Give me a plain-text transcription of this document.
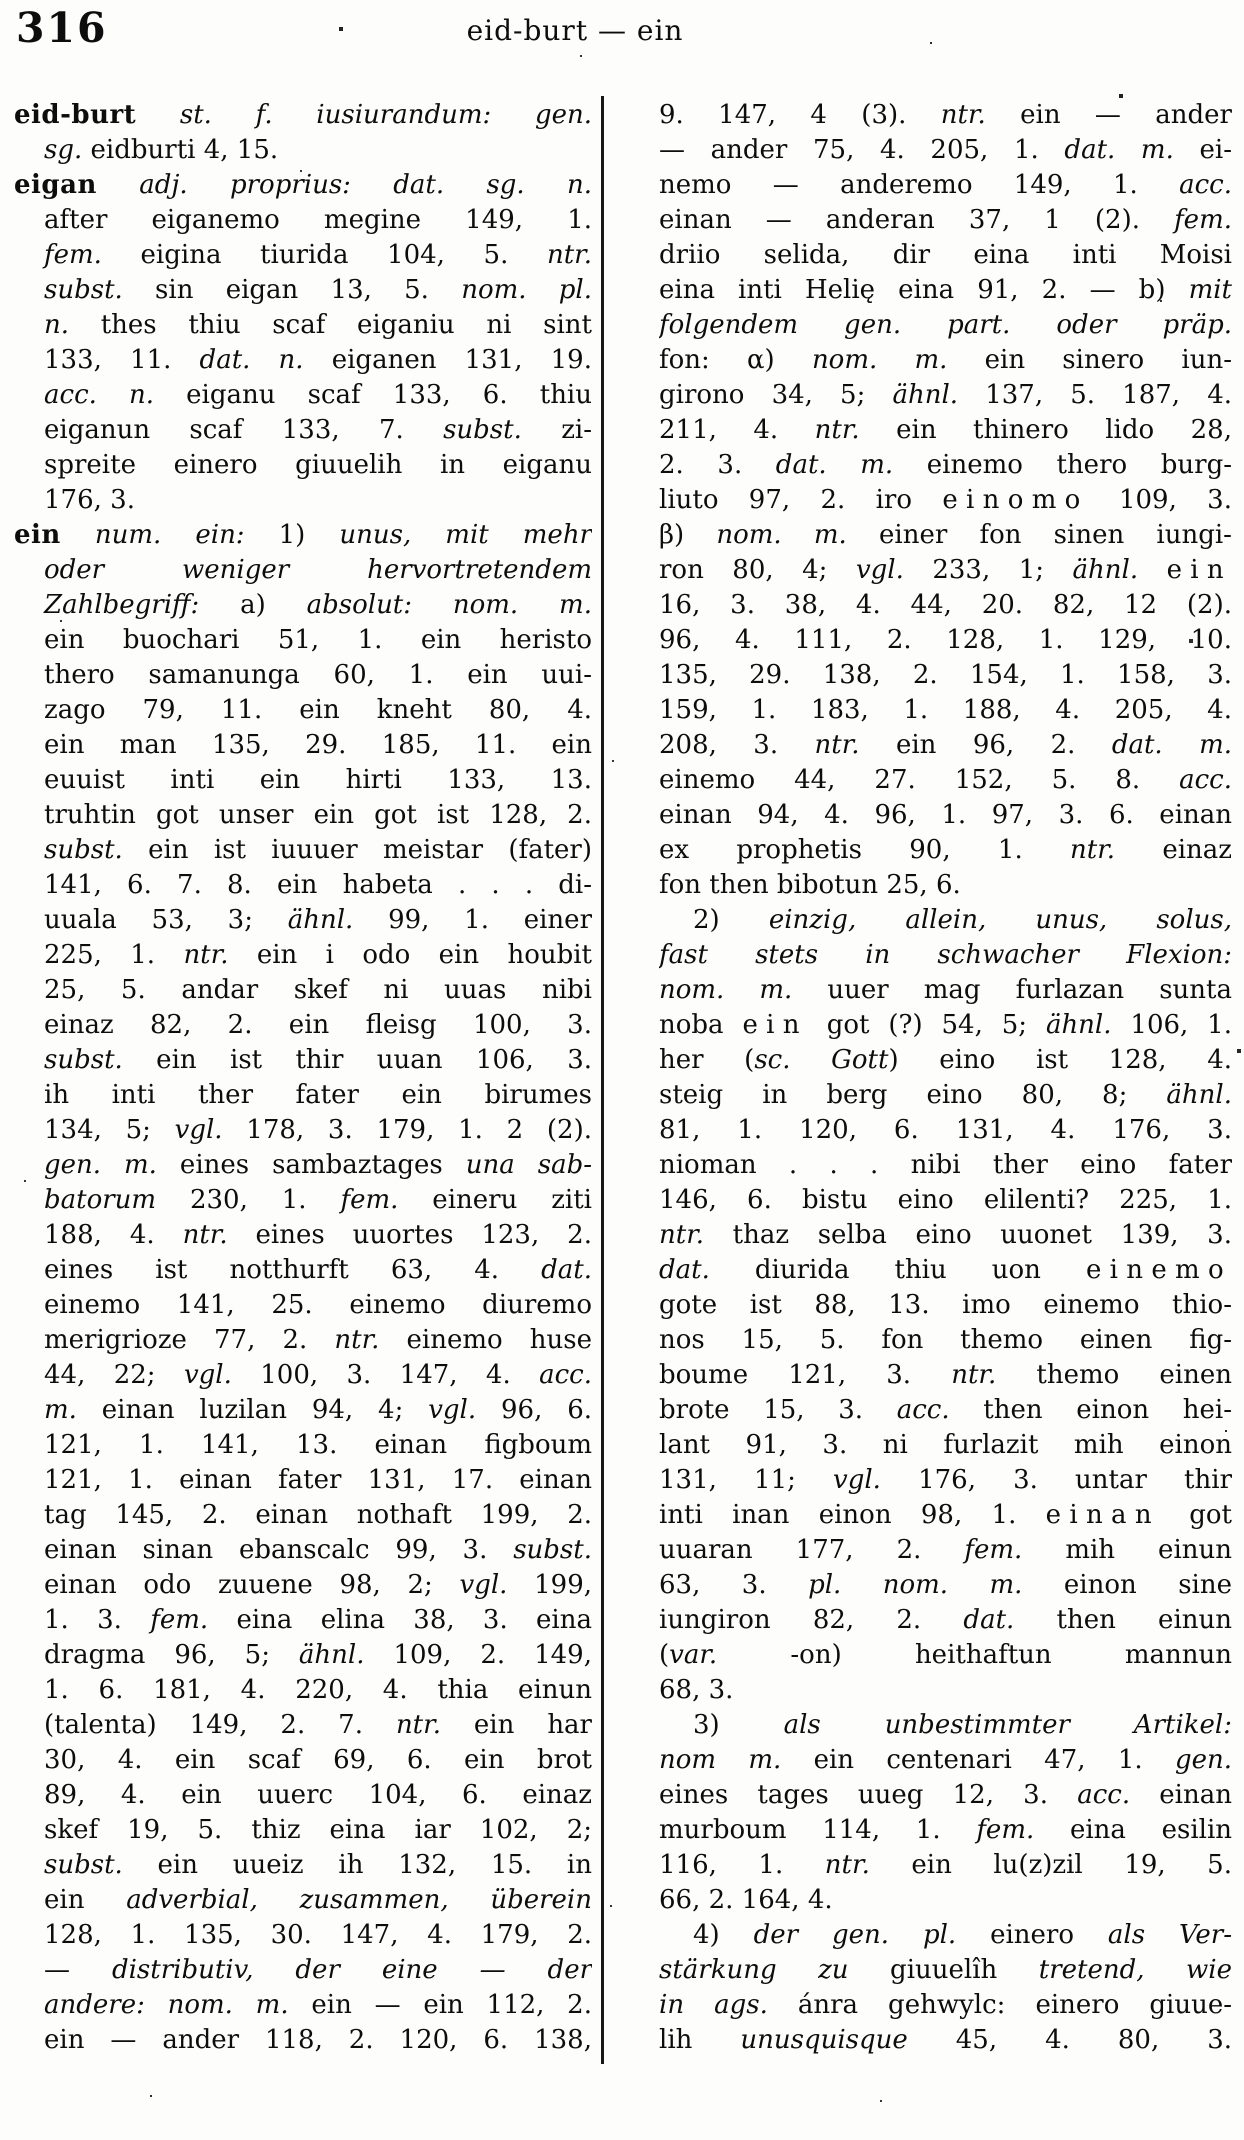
316	eid-burt — ein
eid-burt st. f. iusiurandum: gen.
sg. eidburti 4, 15.
eigan adj. proprius: dat. sg. n.
after eiganemo megine 149, 1.
fem. eigina tiurida 104, 5. ntr.
subst. sin eigan 13, 5. nom. pl.
n. thes thiu scaf eiganiu ni sint
133, 11. dat. n. eiganen 131, 19.
acc. n. eiganu scaf 133, 6. thiu
eiganun scaf 133, 7. subst. zi-
spreite einero giuuelih in eiganu
176, 3.
ein num. ein: 1) unus, mit mehr
oder weniger hervortretendem
Zahlbegriff: a) absolut: nom. m.
ein buochari 51, 1. ein heristo
thero samanunga 60, 1. ein uui-
zago 79, 11. ein kneht 80, 4.
ein man 135, 29. 185, 11. ein
euuist inti ein hirti 133, 13.
truhtin got unser ein got ist 128, 2.
subst. ein ist iuuuer meistar (fater)
141, 6. 7. 8. ein habeta . . . di-
uuala 53, 3; ähnl. 99, 1. einer
225, 1. ntr. ein i odo ein houbit
25, 5. andar skef ni uuas nibi
einaz 82, 2. ein fleisg 100, 3.
subst. ein ist thir uuan 106, 3.
ih inti ther fater ein birumes
134, 5; vgl. 178, 3. 179, 1. 2 (2).
gen. m. eines sambaztages una sab-
batorum 230, 1. fem. eineru ziti
188, 4. ntr. eines uuortes 123, 2.
eines ist notthurft 63, 4. dat.
einemo 141, 25. einemo diuremo
merigrioze 77, 2. ntr. einemo huse
44, 22; vgl. 100, 3. 147, 4. acc.
m. einan luzilan 94, 4; vgl. 96, 6.
121, 1. 141, 13. einan figboum
121, 1. einan fater 131, 17. einan
tag 145, 2. einan nothaft 199, 2.
einan sinan ebanscalc 99, 3. subst.
einan odo zuuene 98, 2; vgl. 199,
1. 3. fem. eina elina 38, 3. eina
dragma 96, 5; ähnl. 109, 2. 149,
1. 6. 181, 4. 220, 4. thia einun
(talenta) 149, 2. 7. ntr. ein har
30, 4. ein scaf 69, 6. ein brot
89, 4. ein uuerc 104, 6. einaz
skef 19, 5. thiz eina iar 102, 2;
subst. ein uueiz ih 132, 15. in
ein adverbial, zusammen, überein
128, 1. 135, 30. 147, 4. 179, 2.
— distributiv, der eine — der
andere: nom. m. ein — ein 112, 2.
ein — ander 118, 2. 120, 6. 138,
9. 147, 4 (3). ntr. ein — ander
— ander 75, 4. 205, 1. dat. m. ei-
nemo — anderemo 149, 1. acc.
einan — anderan 37, 1 (2). fem.
driio selida, dir eina inti Moisi
eina inti Helię eina 91, 2. — b) mit
folgendem gen. part. oder präp.
fon: α) nom. m. ein sinero iun-
girono 34, 5; ähnl. 137, 5. 187, 4.
211, 4. ntr. ein thinero lido 28,
2. 3. dat. m. einemo thero burg-
liuto 97, 2. iro einomo 109, 3.
β) nom. m. einer fon sinen iungi-
ron 80, 4; vgl. 233, 1; ähnl. ein
16, 3. 38, 4. 44, 20. 82, 12 (2).
96, 4. 111, 2. 128, 1. 129, 10.
135, 29. 138, 2. 154, 1. 158, 3.
159, 1. 183, 1. 188, 4. 205, 4.
208, 3. ntr. ein 96, 2. dat. m.
einemo 44, 27. 152, 5. 8. acc.
einan 94, 4. 96, 1. 97, 3. 6. einan
ex prophetis 90, 1. ntr. einaz
fon then bibotun 25, 6.
2) einzig, allein, unus, solus,
fast stets in schwacher Flexion:
nom. m. uuer mag furlazan sunta
noba ein got (?) 54, 5; ähnl. 106, 1.
her (sc. Gott) eino ist 128, 4.
steig in berg eino 80, 8; ähnl.
81, 1. 120, 6. 131, 4. 176, 3.
nioman . . . nibi ther eino fater
146, 6. bistu eino elilenti? 225, 1.
ntr. thaz selba eino uuonet 139, 3.
dat. diurida thiu uon einemo
gote ist 88, 13. imo einemo thio-
nos 15, 5. fon themo einen fig-
boume 121, 3. ntr. themo einen
brote 15, 3. acc. then einon hei-
lant 91, 3. ni furlazit mih einon
131, 11; vgl. 176, 3. untar thir
inti inan einon 98, 1. einan got
uuaran 177, 2. fem. mih einun
63, 3. pl. nom. m. einon sine
iungiron 82, 2. dat. then einun
(var. -on) heithaftun mannun
68, 3.
3) als unbestimmter Artikel:
nom m. ein centenari 47, 1. gen.
eines tages uueg 12, 3. acc. einan
murboum 114, 1. fem. eina esilin
116, 1. ntr. ein lu(z)zil 19, 5.
66, 2. 164, 4.
4) der gen. pl. einero als Ver-
stärkung zu giuuelîh tretend, wie
in ags. ánra gehwylc: einero giuue-
lih unusquisque 45, 4. 80, 3.
